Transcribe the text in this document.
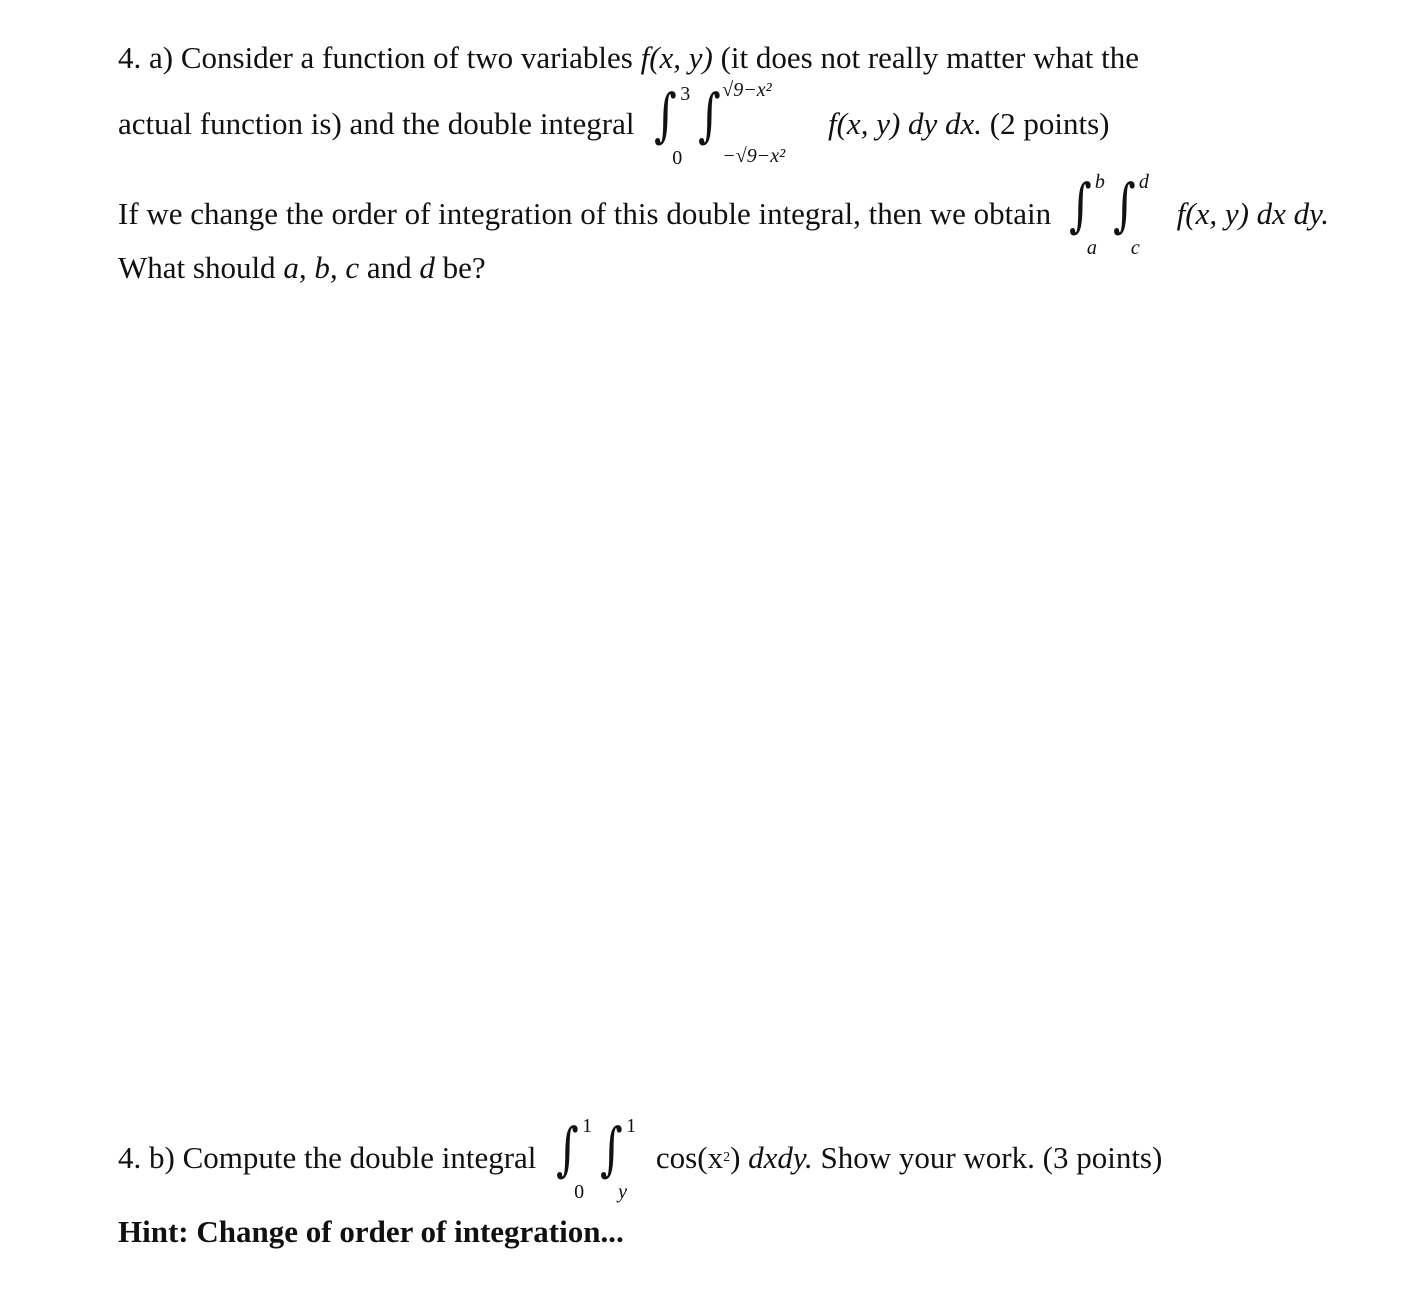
4. a) Consider a function of two variables f(x, y) (it does not really matter what the
actual function is) and the double integral ∫ 3
0
∫ √9−x²
−√9−x²
f(x, y) dy dx. (2 points)
If we change the order of integration of this double integral, then we obtain ∫ b
a
∫ d
c
f(x, y) dx dy.
What should a, b, c and d be?
4. b) Compute the double integral ∫ 1
0
∫ 1
y
$\cos(x^2)$ dxdy. Show your work. (3 points)
Hint: Change of order of integration...
